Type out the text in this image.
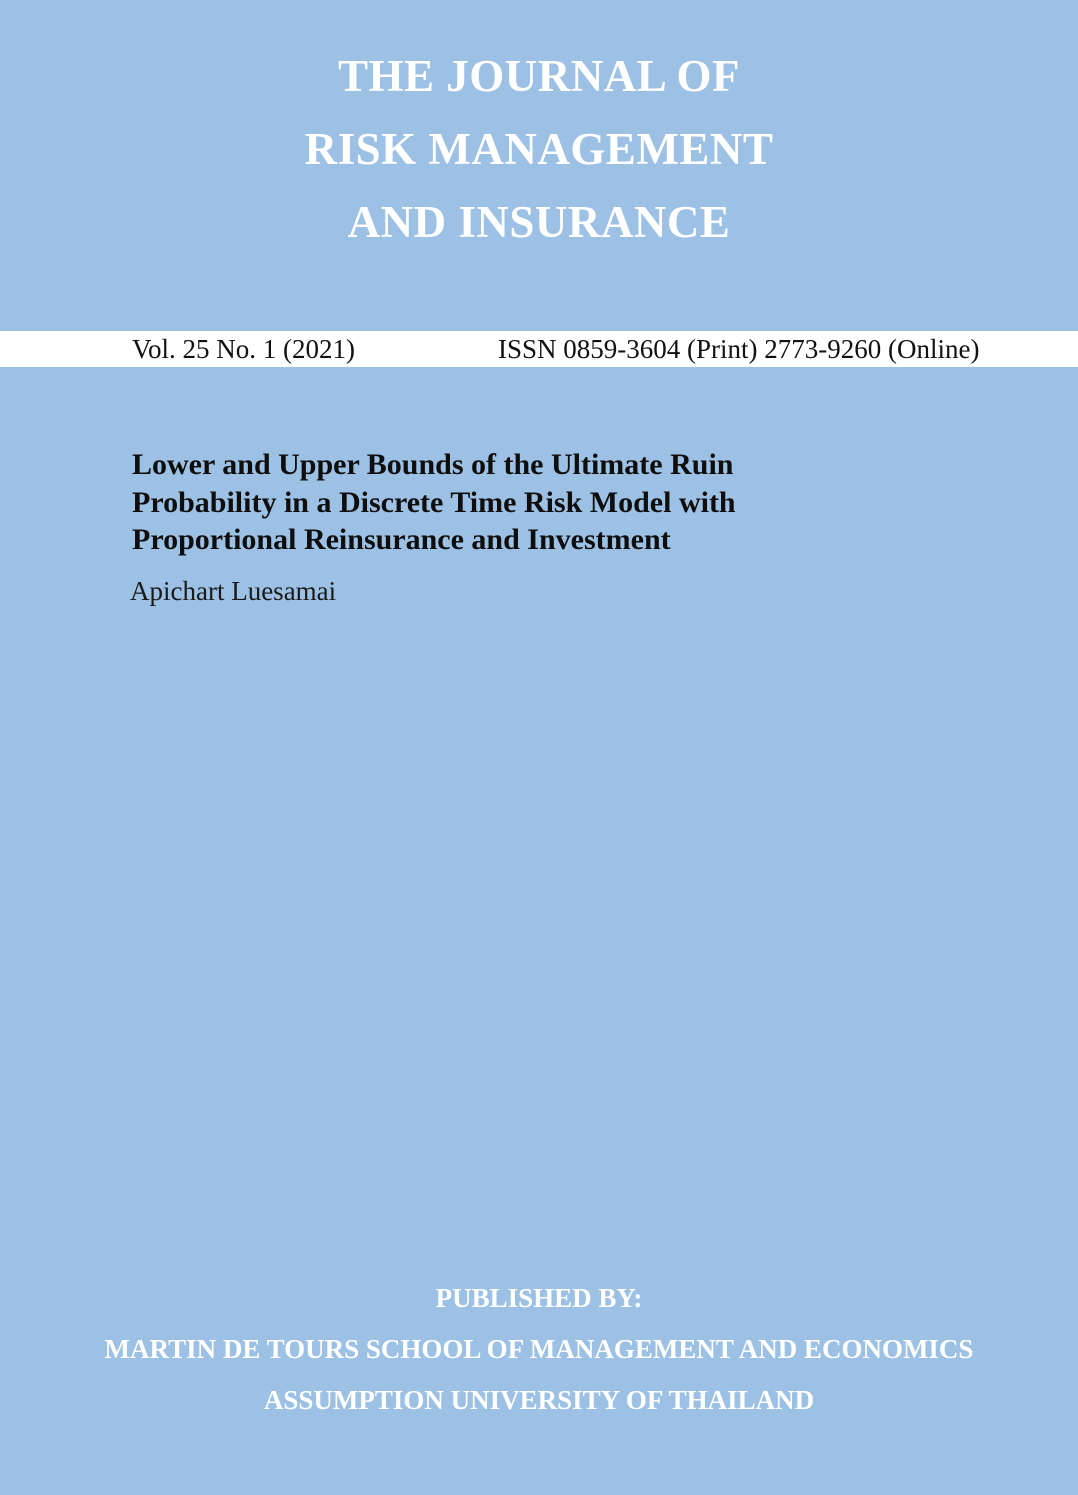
THE JOURNAL OF
RISK MANAGEMENT
AND INSURANCE
Vol. 25 No. 1 (2021)	ISSN 0859-3604 (Print) 2773-9260 (Online)
Lower and Upper Bounds of the Ultimate Ruin
Probability in a Discrete Time Risk Model with
Proportional Reinsurance and Investment
Apichart Luesamai
PUBLISHED BY:
MARTIN DE TOURS SCHOOL OF MANAGEMENT AND ECONOMICS
ASSUMPTION UNIVERSITY OF THAILAND
